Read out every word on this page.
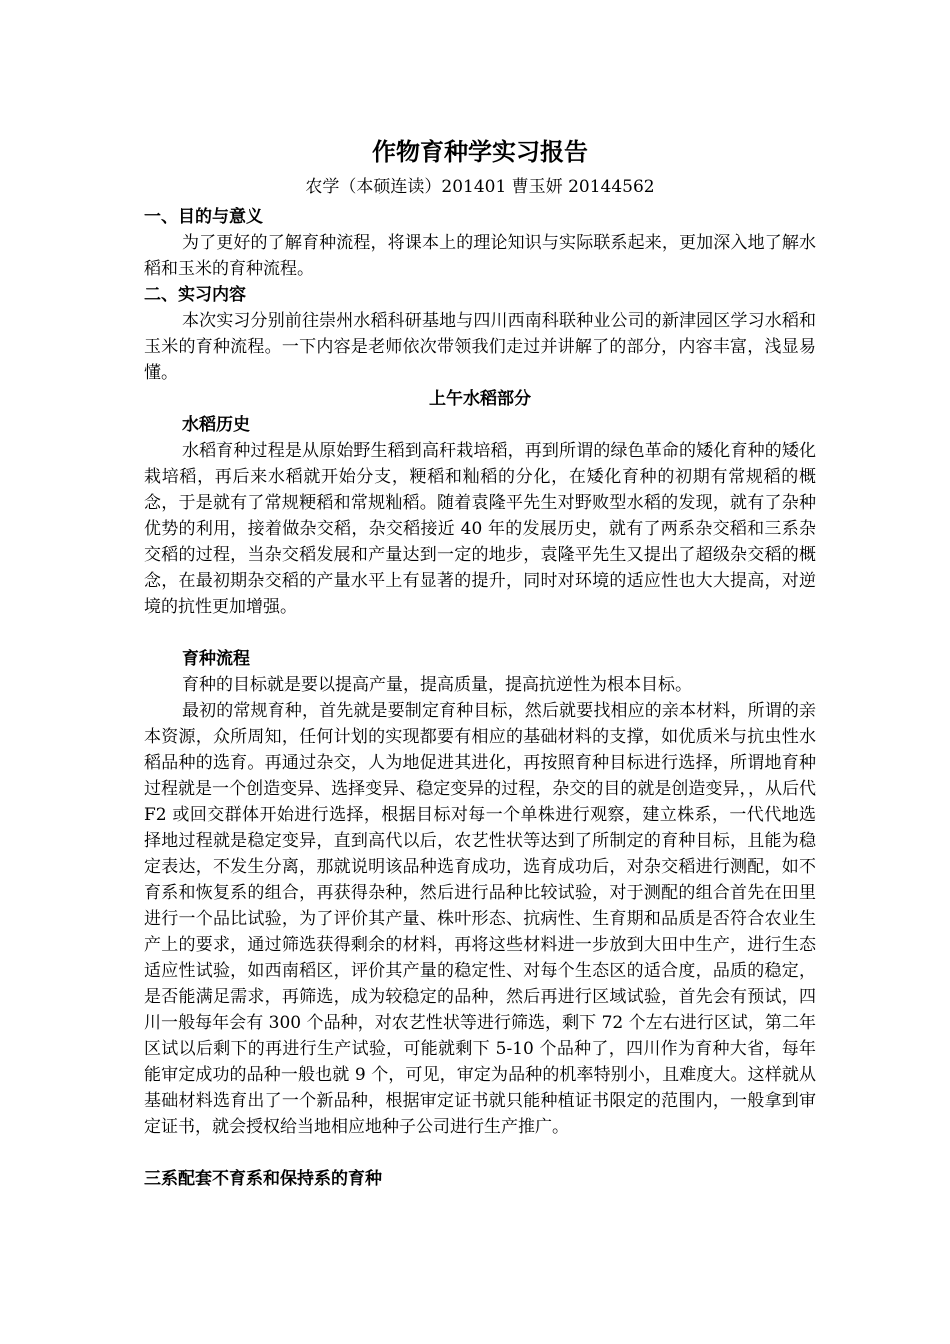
作物育种学实习报告
农学（本硕连读）201401 曹玉妍 20144562
一、目的与意义
为了更好的了解育种流程，将课本上的理论知识与实际联系起来，更加深入地了解水稻和玉米的育种流程。
二、实习内容
本次实习分别前往崇州水稻科研基地与四川西南科联种业公司的新津园区学习水稻和玉米的育种流程。一下内容是老师依次带领我们走过并讲解了的部分，内容丰富，浅显易懂。
上午水稻部分
水稻历史
水稻育种过程是从原始野生稻到高秆栽培稻，再到所谓的绿色革命的矮化育种的矮化栽培稻，再后来水稻就开始分支，粳稻和籼稻的分化，在矮化育种的初期有常规稻的概念，于是就有了常规粳稻和常规籼稻。随着袁隆平先生对野败型水稻的发现，就有了杂种优势的利用，接着做杂交稻，杂交稻接近 40 年的发展历史，就有了两系杂交稻和三系杂交稻的过程，当杂交稻发展和产量达到一定的地步，袁隆平先生又提出了超级杂交稻的概念，在最初期杂交稻的产量水平上有显著的提升，同时对环境的适应性也大大提高，对逆境的抗性更加增强。
育种流程
育种的目标就是要以提高产量，提高质量，提高抗逆性为根本目标。
最初的常规育种，首先就是要制定育种目标，然后就要找相应的亲本材料，所谓的亲本资源，众所周知，任何计划的实现都要有相应的基础材料的支撑，如优质米与抗虫性水稻品种的选育。再通过杂交，人为地促进其进化，再按照育种目标进行选择，所谓地育种过程就是一个创造变异、选择变异、稳定变异的过程，杂交的目的就是创造变异，，从后代 F2 或回交群体开始进行选择，根据目标对每一个单株进行观察，建立株系，一代代地选择地过程就是稳定变异，直到高代以后，农艺性状等达到了所制定的育种目标，且能为稳定表达，不发生分离，那就说明该品种选育成功，选育成功后，对杂交稻进行测配，如不育系和恢复系的组合，再获得杂种，然后进行品种比较试验，对于测配的组合首先在田里进行一个品比试验，为了评价其产量、株叶形态、抗病性、生育期和品质是否符合农业生产上的要求，通过筛选获得剩余的材料，再将这些材料进一步放到大田中生产，进行生态适应性试验，如西南稻区，评价其产量的稳定性、对每个生态区的适合度，品质的稳定，是否能满足需求，再筛选，成为较稳定的品种，然后再进行区域试验，首先会有预试，四川一般每年会有 300 个品种，对农艺性状等进行筛选，剩下 72 个左右进行区试，第二年区试以后剩下的再进行生产试验，可能就剩下 5-10 个品种了，四川作为育种大省，每年能审定成功的品种一般也就 9 个，可见，审定为品种的机率特别小，且难度大。这样就从基础材料选育出了一个新品种，根据审定证书就只能种植证书限定的范围内，一般拿到审定证书，就会授权给当地相应地种子公司进行生产推广。
三系配套不育系和保持系的育种
